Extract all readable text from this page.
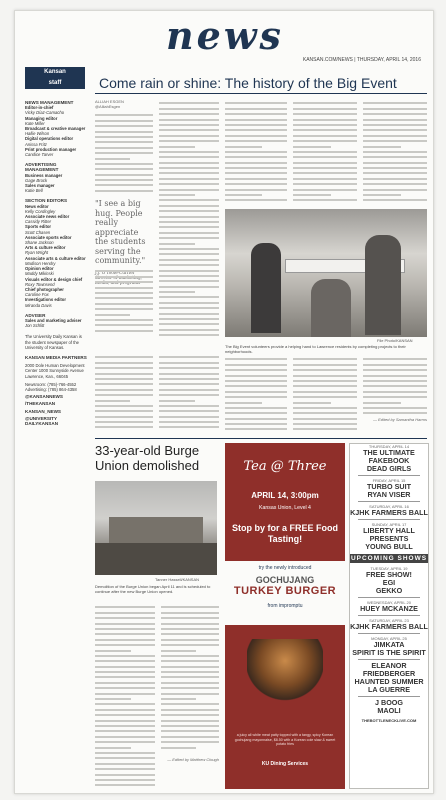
news
KANSAN.COM/NEWS | THURSDAY, APRIL 14, 2016
Kansan
staff	Come rain or shine: The history of the Big Event
NEWS MANAGEMENT
Editor-in-chief
Vicky Díaz-Camacho
Managing editor
Kate Miller
Broadcast & creative manager
Hallie Wilson
Digital operations editor
Anissa Fritz
Print production manager
Candice Tarver
ADVERTISING MANAGEMENT
Business manager
Gage Brock
Sales manager
Katie Bell
SECTION EDITORS
News editor
Kelly Cordingley
Associate news editor
Cassidy Ritter
Sports editor
Scott Chasen
Associate sports editor
Shane Jackson
Arts & culture editor
Ryan Wright
Associate arts & culture editor
Madison Hendry
Opinion editor
Maddy Mikinski
Visuals editor & design chief
Roxy Townsend
Chief photographer
Caroline Fox
Investigations editor
Miranda Davis
ADVISER
Sales and marketing adviser
Jon Schlitt
The University Daily Kansan is the student newspaper of the University of Kansas.
KANSAN MEDIA PARTNERS
2000 Dole Human Development Center 1000 Sunnyside Avenue Lawrence, Kan., 66045
Newsroom: (785)-766-4552 Advertising: (785) 864-4358
@KANSANNEWS
/THEKANSAN
KANSAN_NEWS
@UNIVERSITY DAILYKANSAN
ALLIAH ESGEN
@AlliahEsgen
"I see a big hug. People really appreciate the students serving the community."
File Photo/KANSAN
The Big Event volunteers provide a helping hand to Lawrence residents by completing projects to their neighborhoods.
— Edited by Samantha Harms
33-year-old Burge Union demolished
Tanner Hassell/KANSAN
Demolition of the Burge Union began April 11 and is scheduled to continue after the new Burge Union opened.
— Edited by Matthew Clough
Tea @ Three
APRIL 14, 3:00pm
Kansas Union, Level 4
Stop by for a FREE Food Tasting!
try the newly introduced
GOCHUJANG
TURKEY BURGER
from impromptu
a juicy all white meat patty topped with a tangy, spicy Korean gochujang mayonnaise, $8.50 with a Korean cole slaw & sweet potato fries
KU Dining Services
THURSDAY, APRIL 14
THE ULTIMATE FAKEBOOK
DEAD GIRLS
FRIDAY, APRIL 15
TURBO SUIT
RYAN VISER
SATURDAY, APRIL 16
KJHK FARMERS BALL
SUNDAY, APRIL 17
LIBERTY HALL PRESENTS
YOUNG BULL
UPCOMING SHOWS
TUESDAY, APRIL 19
FREE SHOW!
EGI
GEKKO
WEDNESDAY, APRIL 20
HUEY MCKANZE
SATURDAY, APRIL 23
KJHK FARMERS BALL
MONDAY, APRIL 25
JIMKATA
SPIRIT IS THE SPIRIT
ELEANOR FRIEDBERGER
HAUNTED SUMMER
LA GUERRE
J BOOG
MAOLI
THEBOTTLENECKLIVE.COM
